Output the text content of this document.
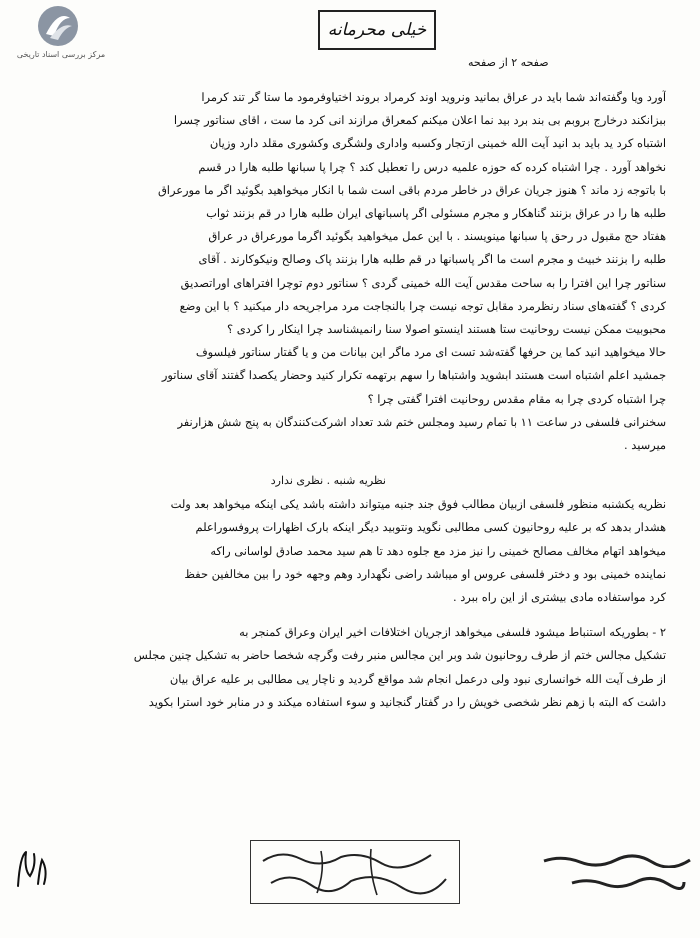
مرکز بررسی اسناد تاریخی
خیلی محرمانه
صفحه ۲ از صفحه
آورد ویا وگفته‌اند شما باید در عراق بمانید ونروید اوند کرمراد بروند اختیاوفرمود ما ستا گر تند کرمرا
ببزانکند درخارج بروبم بی بند برد بید نما اعلان میکنم کمعراق مرازند انی کرد ما ست ، اقای سناتور چسرا
اشتباه کرد ید باید بد انید آیت الله خمینی ازتجار وکسبه واداری ولشگری وکشوری مقلد دارد وزیان
نخواهد آورد . چرا اشتباه کرده که حوزه علمیه درس را تعطیل کند ؟ چرا پا سبانها طلبه هارا در قسم
با باتوجه زد ماند ؟ هنوز جریان عراق در خاطر مردم باقی است شما با انکار میخواهید بگوئید اگر ما مورعراق
طلبه ها را در عراق بزنند گناهکار و مجرم مسئولی اگر پاسبانهای ایران طلبه هارا در قم بزنند ثواب
هفتاد حج مقبول در رحق پا سبانها مینویسند . با این عمل میخواهید بگوئید اگرما مورعراق در عراق
طلبه را بزنند خبیث و مجرم است ما اگر پاسبانها در قم طلبه هارا بزنند پاک وصالح ونیکوکارند . آقای
سناتور چرا این افترا را به ساحت مقدس آیت الله خمینی گردی ؟ سناتور دوم توچرا افتراهای اوراتصدیق
کردی ؟ گفته‌های سناد رنظرمرد مقابل توجه نیست چرا بالنجاجت مرد مراجریحه دار میکنید ؟ با این وضع
محبوبیت ممکن نیست روحانیت ستا هستند اینستو اصولا سنا رانمیشناسد چرا اینکار را کردی ؟
حالا میخواهید انید کما ین حرفها گفته‌شد تست ای مرد ماگر این بیانات من و یا گفتار سناتور فیلسوف
جمشید اعلم اشتباه است هستند ابشوید واشتباها را سهم برتهمه تکرار کنید وحضار یکصدا گفتند آقای سناتور
چرا اشتباه کردی چرا به مقام مقدس روحانیت افترا گفتی چرا ؟
سخنرانی فلسفی در ساعت ۱۱ با تمام رسید ومجلس ختم شد تعداد اشرکت‌کنندگان به پنج شش هزارنفر
میرسید .
نظریه شنبه . نظری ندارد
نظریه یکشنبه منظور فلسفی ازبیان مطالب فوق جند جنبه میتواند داشته باشد یکی اینکه میخواهد بعد ولت
هشدار بدهد که بر علیه روحانیون کسی مطالبی نگوید ونتوبید دیگر اینکه بارک اظهارات پروفسوراعلم
میخواهد اتهام مخالف مصالح خمینی را نیز مزد مع جلوه دهد تا هم سید محمد صادق لواسانی راکه
نماینده خمینی بود و دختر فلسفی عروس او میباشد راضی نگهدارد وهم وجهه خود را بین مخالفین حفظ
کرد مواستفاده مادی بیشتری از این راه ببرد .
۲ - بطوریکه استنباط میشود فلسفی میخواهد ازجریان اختلافات اخیر ایران وعراق کمنجر به
تشکیل مجالس ختم از طرف روحانیون شد وبر این مجالس منبر رفت وگرچه شخصا حاضر به تشکیل چنین مجلس
از طرف آیت الله خوانساری نبود ولی درعمل انجام شد مواقع گردید و ناچار یی مطالبی بر علیه عراق بیان
داشت که البته با زهم نظر شخصی خویش را در گفتار گنجانید و سوء استفاده میکند و در منابر خود استرا بکوید
